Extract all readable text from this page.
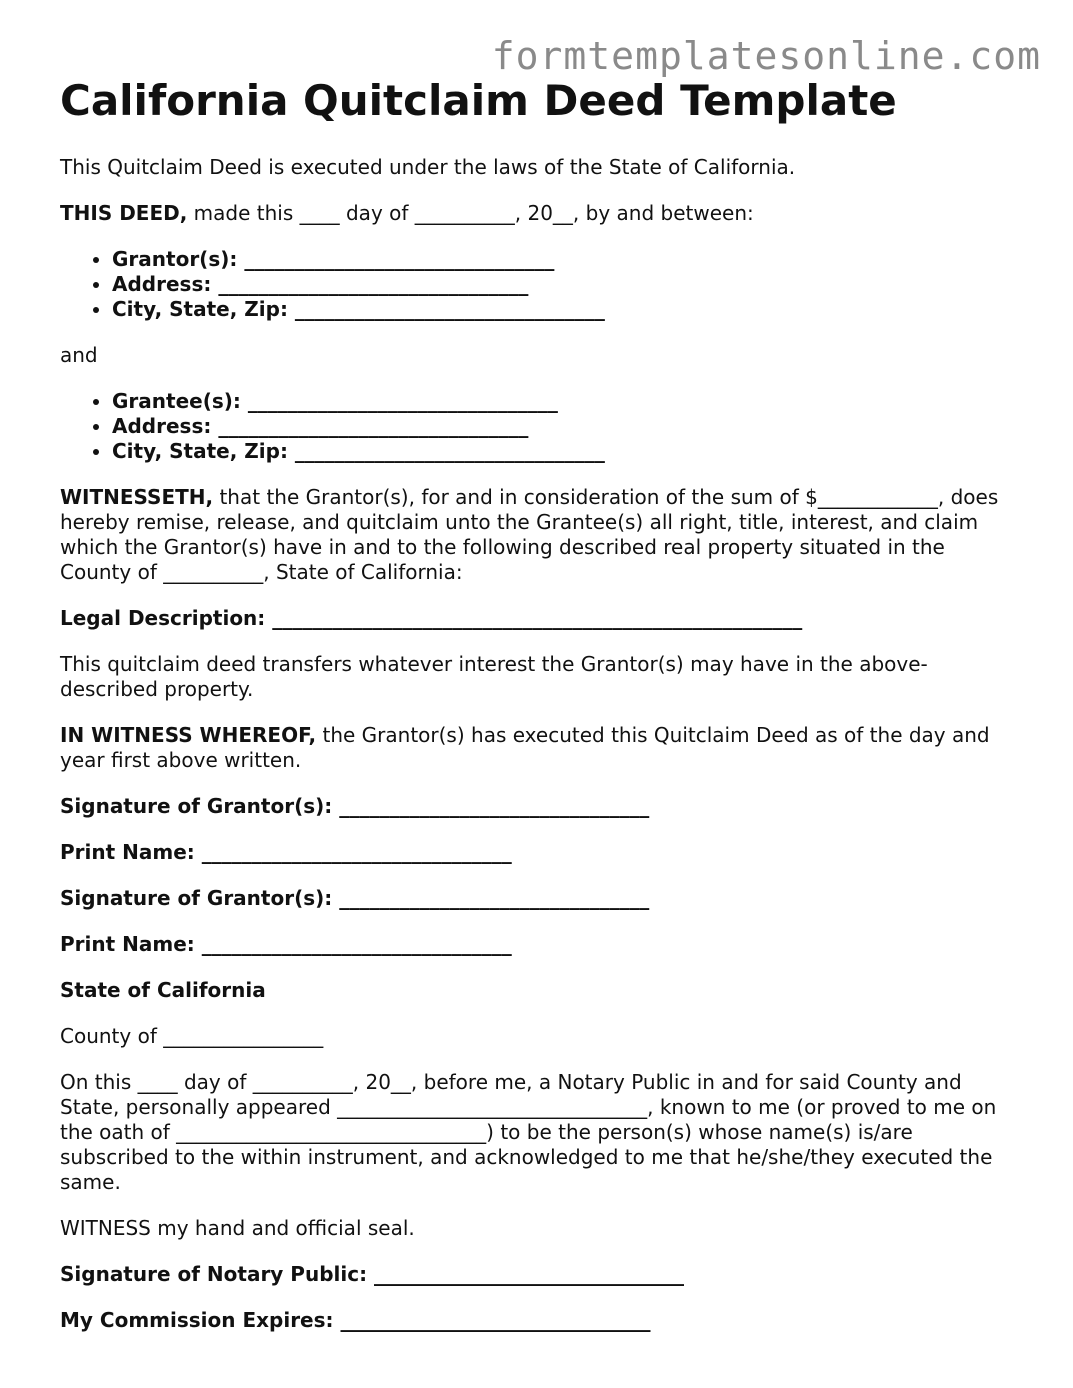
formtemplatesonline.com
California Quitclaim Deed Template

This Quitclaim Deed is executed under the laws of the State of California.

THIS DEED, made this ____ day of __________, 20__, by and between:

• Grantor(s): _______________________________
• Address: _______________________________
• City, State, Zip: _______________________________

and

• Grantee(s): _______________________________
• Address: _______________________________
• City, State, Zip: _______________________________

WITNESSETH, that the Grantor(s), for and in consideration of the sum of $____________, does hereby remise, release, and quitclaim unto the Grantee(s) all right, title, interest, and claim which the Grantor(s) have in and to the following described real property situated in the County of __________, State of California:

Legal Description: _____________________________________________________

This quitclaim deed transfers whatever interest the Grantor(s) may have in the above-described property.

IN WITNESS WHEREOF, the Grantor(s) has executed this Quitclaim Deed as of the day and year first above written.

Signature of Grantor(s): _______________________________

Print Name: _______________________________

Signature of Grantor(s): _______________________________

Print Name: _______________________________

State of California

County of ________________

On this ____ day of __________, 20__, before me, a Notary Public in and for said County and State, personally appeared _______________________________, known to me (or proved to me on the oath of _______________________________) to be the person(s) whose name(s) is/are subscribed to the within instrument, and acknowledged to me that he/she/they executed the same.

WITNESS my hand and official seal.

Signature of Notary Public: _______________________________

My Commission Expires: _______________________________
